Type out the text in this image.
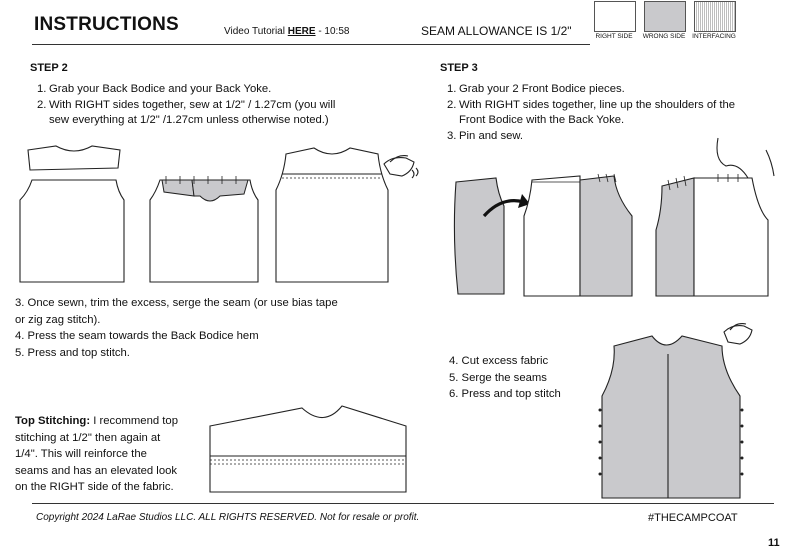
INSTRUCTIONS	Video Tutorial HERE - 10:58	SEAM ALLOWANCE IS 1/2"	RIGHT SIDE	WRONG SIDE	INTERFACING
STEP 2
1. Grab your Back Bodice and your Back Yoke.
2. With RIGHT sides together, sew at 1/2" / 1.27cm (you will
sew everything at 1/2" /1.27cm unless otherwise noted.)
3. Once sewn, trim the excess, serge the seam (or use bias tape
or zig zag stitch).
4. Press the seam towards the Back Bodice hem
5. Press and top stitch.
Top Stitching: I recommend top
stitching at 1/2" then again at
1/4". This will reinforce the
seams and has an elevated look
on the RIGHT side of the fabric.
STEP 3
1. Grab your 2 Front Bodice pieces.
2. With RIGHT sides together, line up the shoulders of the
Front Bodice with the Back Yoke.
3. Pin and sew.
4. Cut excess fabric
5. Serge the seams
6. Press and top stitch
Copyright 2024 LaRae Studios LLC. ALL RIGHTS RESERVED. Not for resale or profit.	#THECAMPCOAT
11
